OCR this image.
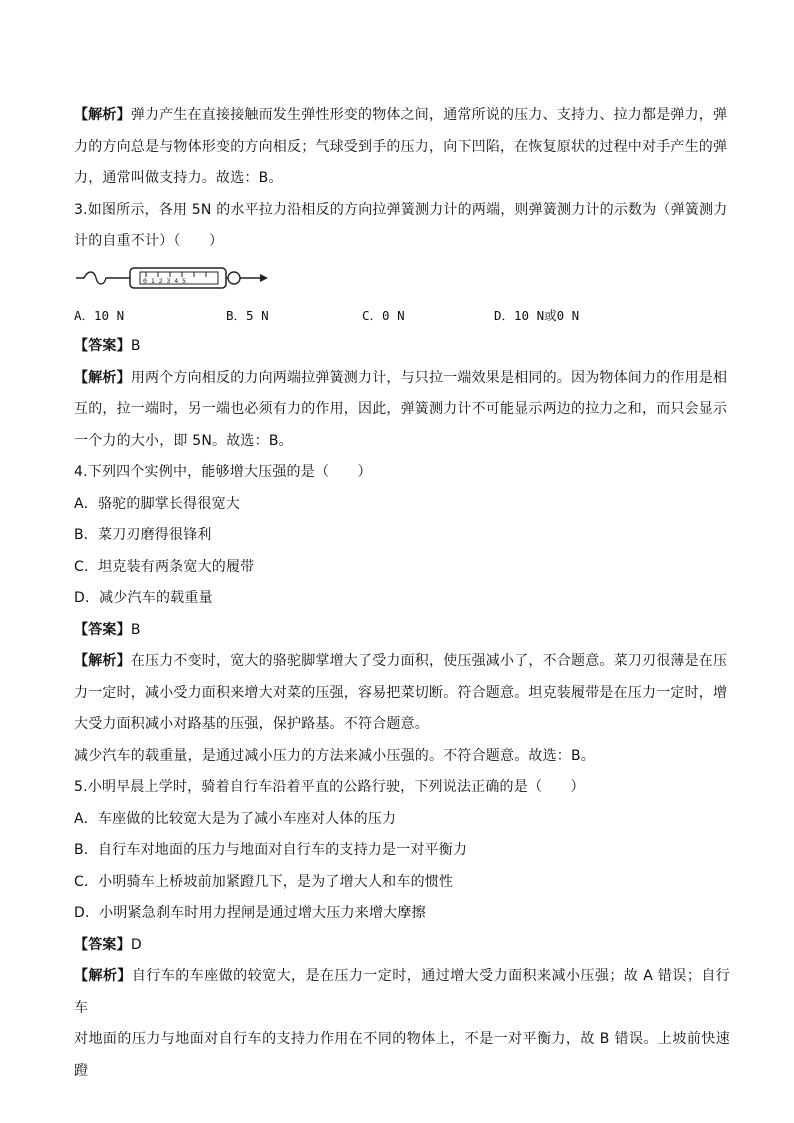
【解析】弹力产生在直接接触而发生弹性形变的物体之间，通常所说的压力、支持力、拉力都是弹力，弹

力的方向总是与物体形变的方向相反；气球受到手的压力，向下凹陷，在恢复原状的过程中对手产生的弹

力，通常叫做支持力。故选：B。

3.如图所示，各用 5N 的水平拉力沿相反的方向拉弹簧测力计的两端，则弹簧测力计的示数为（弹簧测力

计的自重不计）（　　）

0 1 2 3 4 5
A．10 N	B．5 N	C．0 N	D．10 N或0 N

【答案】B

【解析】用两个方向相反的力向两端拉弹簧测力计，与只拉一端效果是相同的。因为物体间力的作用是相

互的，拉一端时，另一端也必须有力的作用，因此，弹簧测力计不可能显示两边的拉力之和，而只会显示

一个力的大小，即 5N。故选：B。

4.下列四个实例中，能够增大压强的是（　　）

A．骆驼的脚掌长得很宽大

B．菜刀刃磨得很锋利

C．坦克装有两条宽大的履带

D．减少汽车的载重量

【答案】B

【解析】在压力不变时，宽大的骆驼脚掌增大了受力面积，使压强减小了，不合题意。菜刀刃很薄是在压

力一定时，减小受力面积来增大对菜的压强，容易把菜切断。符合题意。坦克装履带是在压力一定时，增

大受力面积减小对路基的压强，保护路基。不符合题意。

减少汽车的载重量，是通过减小压力的方法来减小压强的。不符合题意。故选：B。

5.小明早晨上学时，骑着自行车沿着平直的公路行驶，下列说法正确的是（　　）

A．车座做的比较宽大是为了减小车座对人体的压力

B．自行车对地面的压力与地面对自行车的支持力是一对平衡力

C．小明骑车上桥坡前加紧蹬几下，是为了增大人和车的惯性

D．小明紧急刹车时用力捏闸是通过增大压力来增大摩擦

【答案】D

【解析】自行车的车座做的较宽大，是在压力一定时，通过增大受力面积来减小压强；故 A 错误；自行车

对地面的压力与地面对自行车的支持力作用在不同的物体上，不是一对平衡力，故 B 错误。上坡前快速蹬
